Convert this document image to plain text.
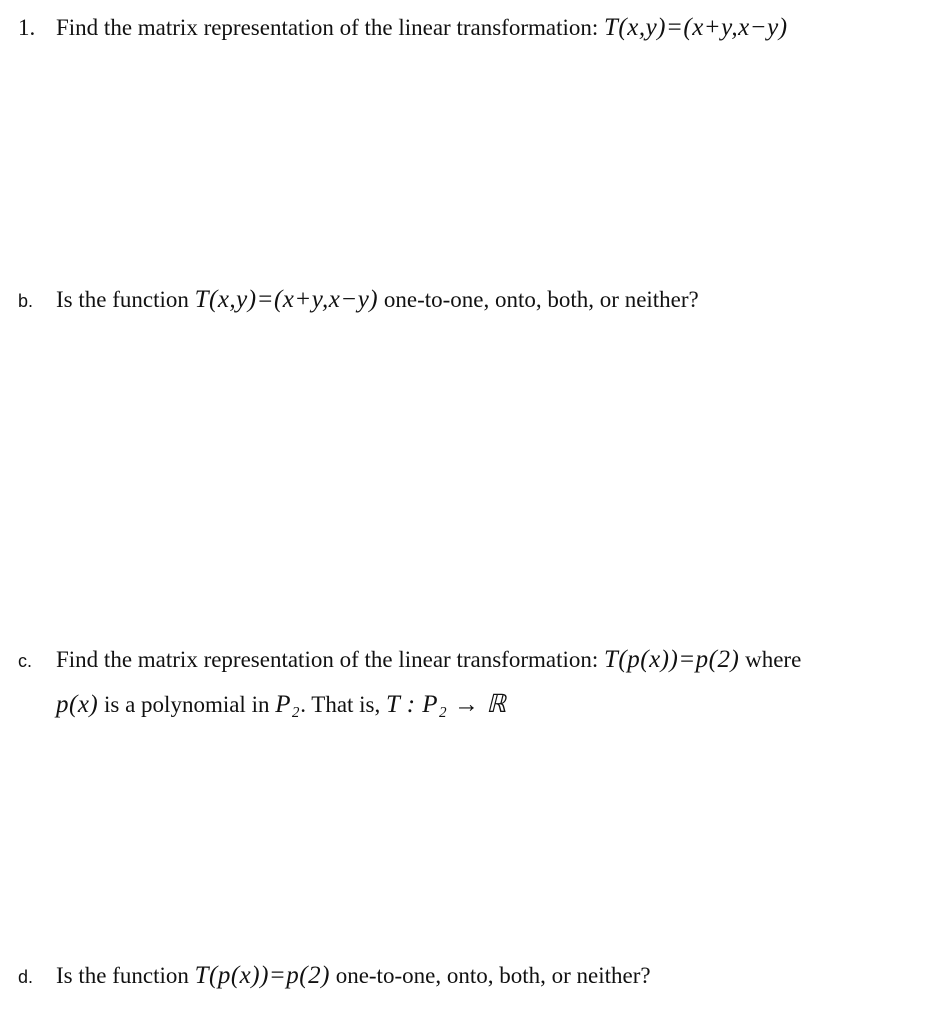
1. Find the matrix representation of the linear transformation: T(x,y)=(x+y,x−y)
b. Is the function T(x,y)=(x+y,x−y) one-to-one, onto, both, or neither?
c. Find the matrix representation of the linear transformation: T(p(x))=p(2) where
p(x) is a polynomial in P₂. That is, T : P₂ → ℝ
d. Is the function T(p(x))=p(2) one-to-one, onto, both, or neither?
